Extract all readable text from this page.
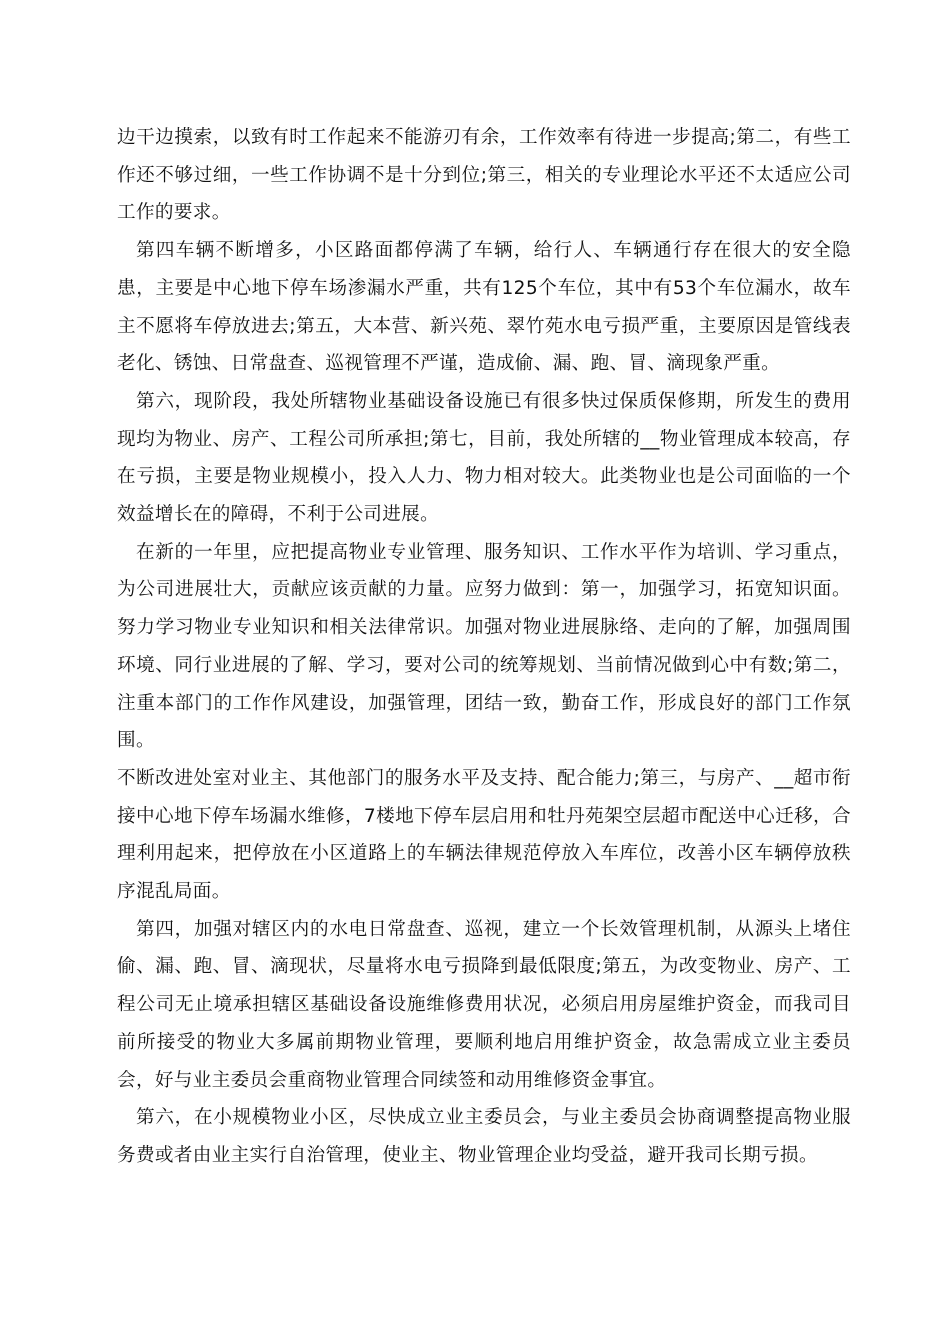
边干边摸索，以致有时工作起来不能游刃有余，工作效率有待进一步提高;第二，有些工作还不够过细，一些工作协调不是十分到位;第三，相关的专业理论水平还不太适应公司工作的要求。

第四车辆不断增多，小区路面都停满了车辆，给行人、车辆通行存在很大的安全隐患，主要是中心地下停车场渗漏水严重，共有125个车位，其中有53个车位漏水，故车主不愿将车停放进去;第五，大本营、新兴苑、翠竹苑水电亏损严重，主要原因是管线表老化、锈蚀、日常盘查、巡视管理不严谨，造成偷、漏、跑、冒、滴现象严重。

第六，现阶段，我处所辖物业基础设备设施已有很多快过保质保修期，所发生的费用现均为物业、房产、工程公司所承担;第七，目前，我处所辖的__物业管理成本较高，存在亏损，主要是物业规模小，投入人力、物力相对较大。此类物业也是公司面临的一个效益增长在的障碍，不利于公司进展。

在新的一年里，应把提高物业专业管理、服务知识、工作水平作为培训、学习重点，为公司进展壮大，贡献应该贡献的力量。应努力做到：第一，加强学习，拓宽知识面。努力学习物业专业知识和相关法律常识。加强对物业进展脉络、走向的了解，加强周围环境、同行业进展的了解、学习，要对公司的统筹规划、当前情况做到心中有数;第二，注重本部门的工作作风建设，加强管理，团结一致，勤奋工作，形成良好的部门工作氛围。

不断改进处室对业主、其他部门的服务水平及支持、配合能力;第三，与房产、__超市衔接中心地下停车场漏水维修，7楼地下停车层启用和牡丹苑架空层超市配送中心迁移，合理利用起来，把停放在小区道路上的车辆法律规范停放入车库位，改善小区车辆停放秩序混乱局面。

第四，加强对辖区内的水电日常盘查、巡视，建立一个长效管理机制，从源头上堵住偷、漏、跑、冒、滴现状，尽量将水电亏损降到最低限度;第五，为改变物业、房产、工程公司无止境承担辖区基础设备设施维修费用状况，必须启用房屋维护资金，而我司目前所接受的物业大多属前期物业管理，要顺利地启用维护资金，故急需成立业主委员会，好与业主委员会重商物业管理合同续签和动用维修资金事宜。

第六，在小规模物业小区，尽快成立业主委员会，与业主委员会协商调整提高物业服务费或者由业主实行自治管理，使业主、物业管理企业均受益，避开我司长期亏损。
